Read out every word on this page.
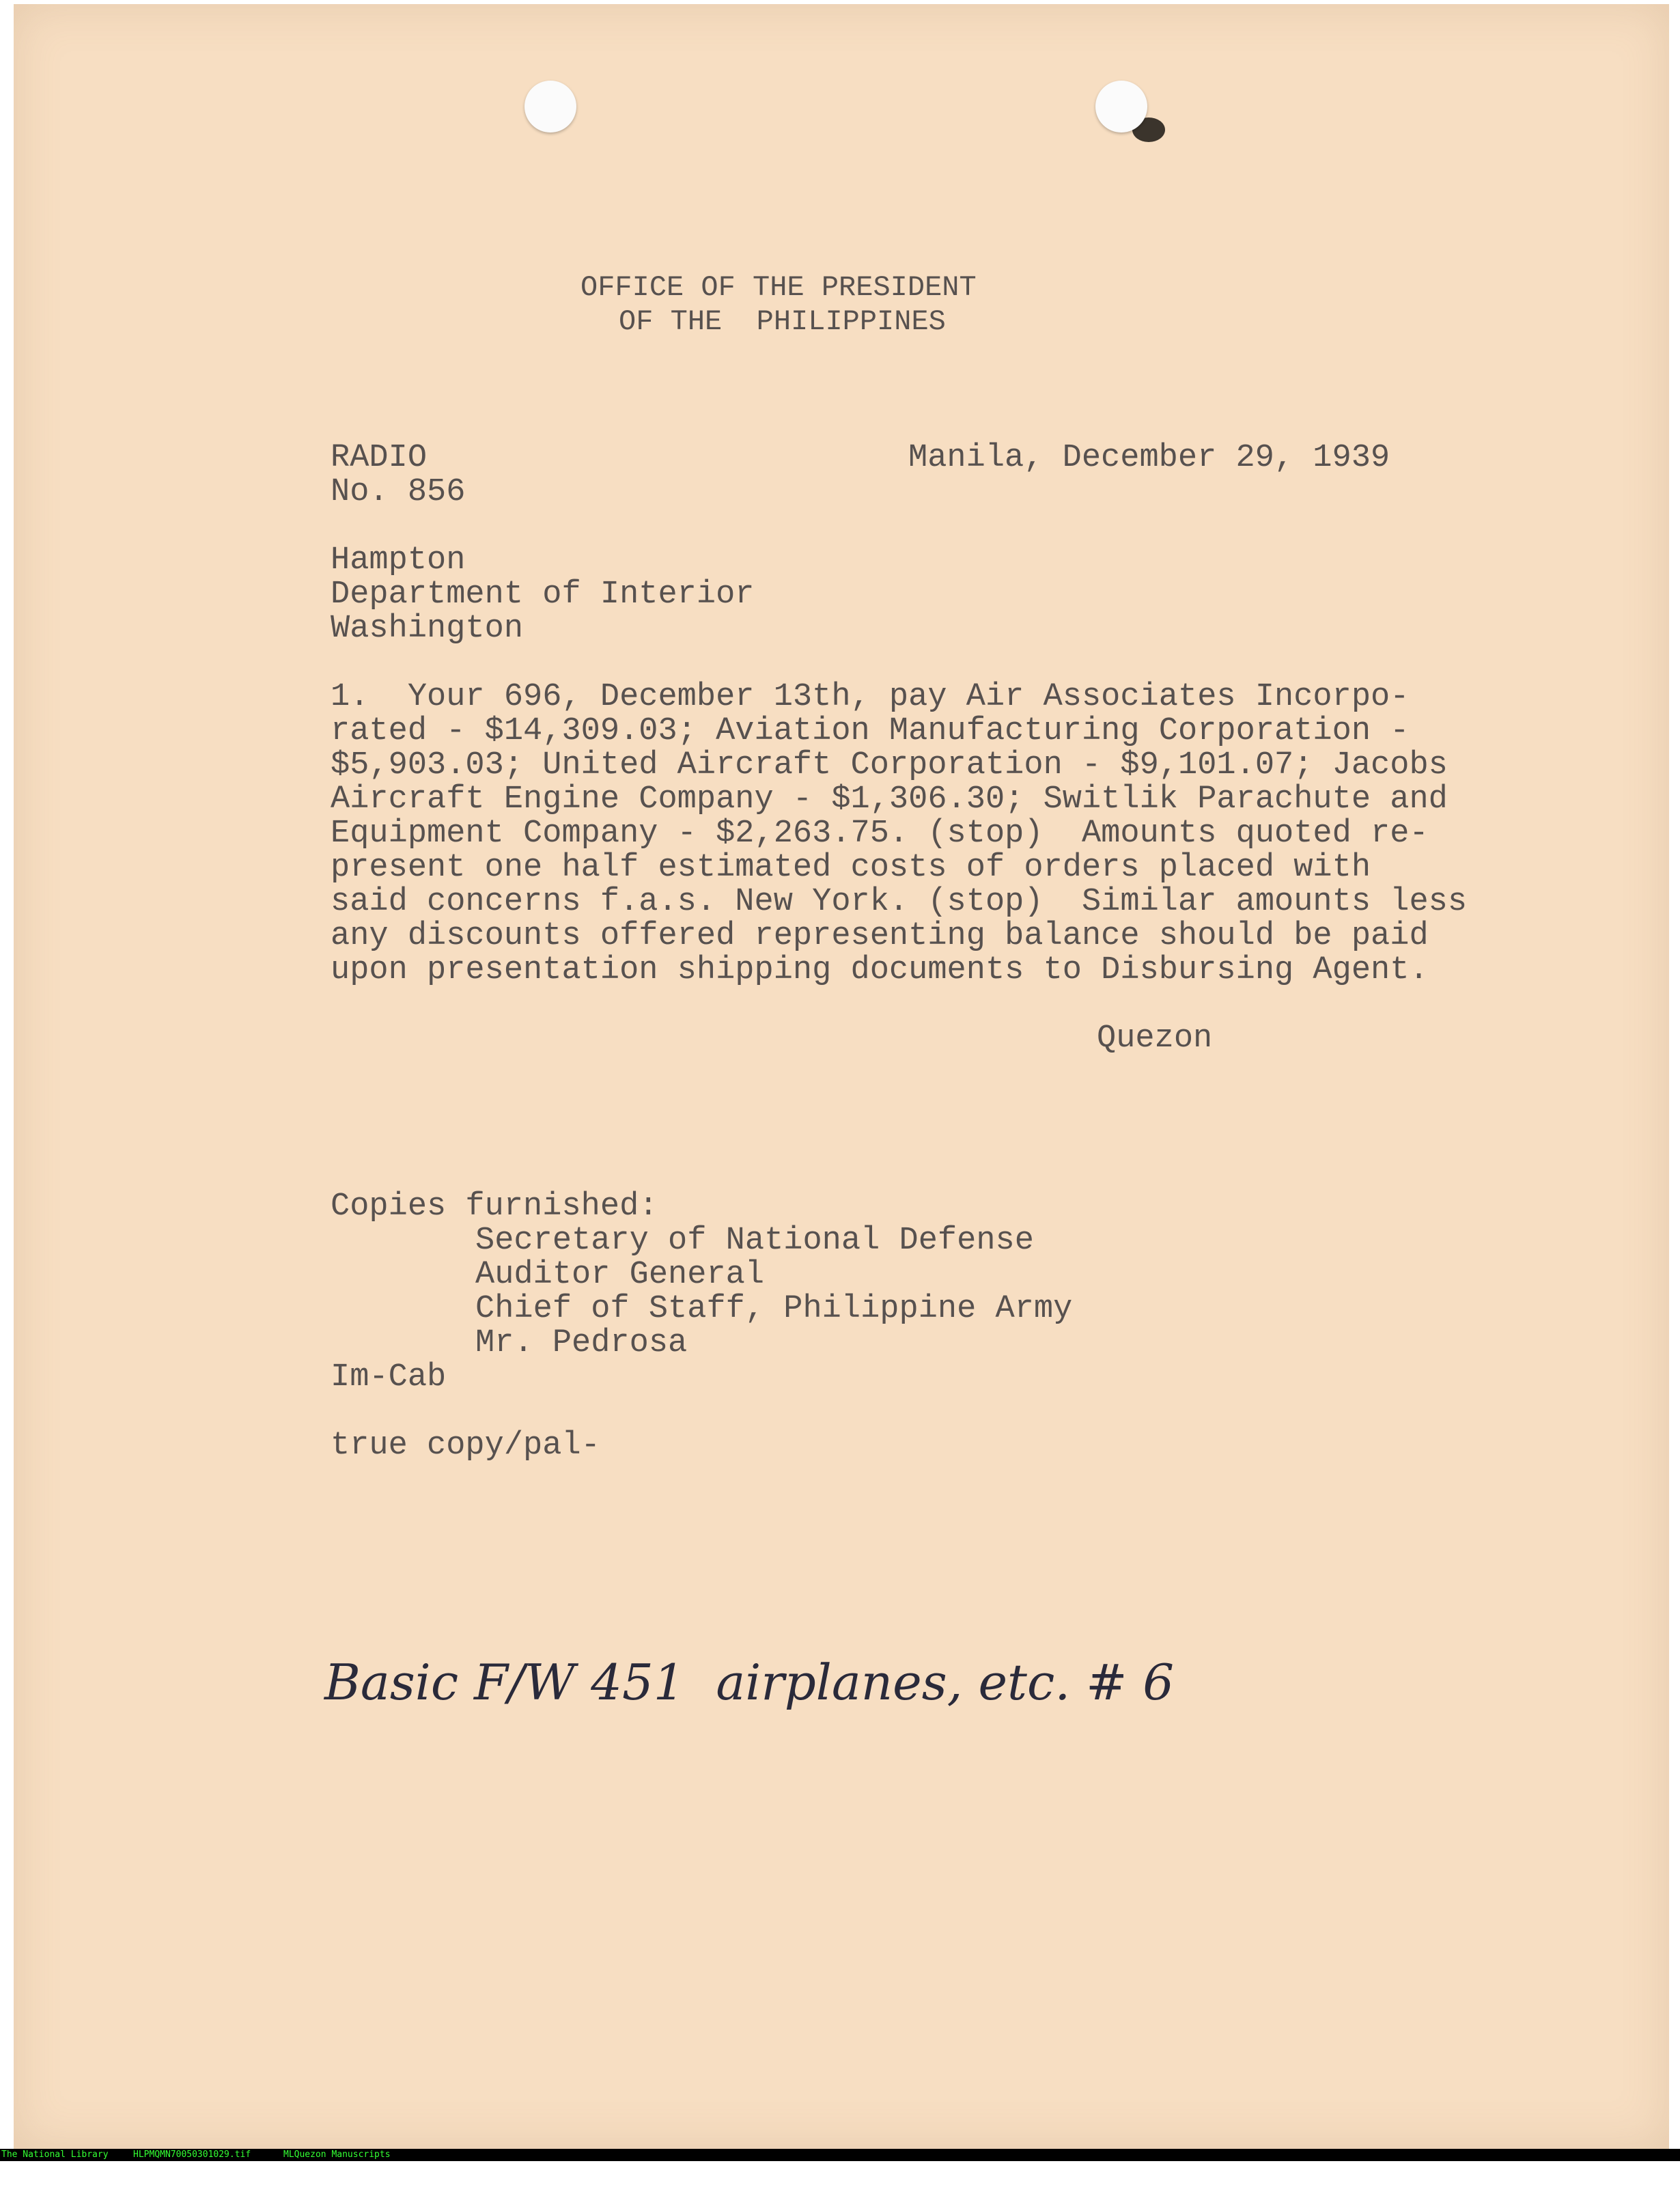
OFFICE OF THE PRESIDENT
OF THE  PHILIPPINES
RADIO
No. 856
Manila, December 29, 1939
Hampton
Department of Interior
Washington
1.  Your 696, December 13th, pay Air Associates Incorpo-
rated - $14,309.03; Aviation Manufacturing Corporation -
$5,903.03; United Aircraft Corporation - $9,101.07; Jacobs
Aircraft Engine Company - $1,306.30; Switlik Parachute and
Equipment Company - $2,263.75. (stop)  Amounts quoted re-
present one half estimated costs of orders placed with
said concerns f.a.s. New York. (stop)  Similar amounts less
any discounts offered representing balance should be paid
upon presentation shipping documents to Disbursing Agent.
Quezon
Copies furnished:
Secretary of National Defense
Auditor General
Chief of Staff, Philippine Army
Mr. Pedrosa
Im-Cab
true copy/pal-
Basic F/W 451  airplanes, etc. # 6

The National Library

	HLPMQMN70050301029.tif

	MLQuezon Manuscripts
